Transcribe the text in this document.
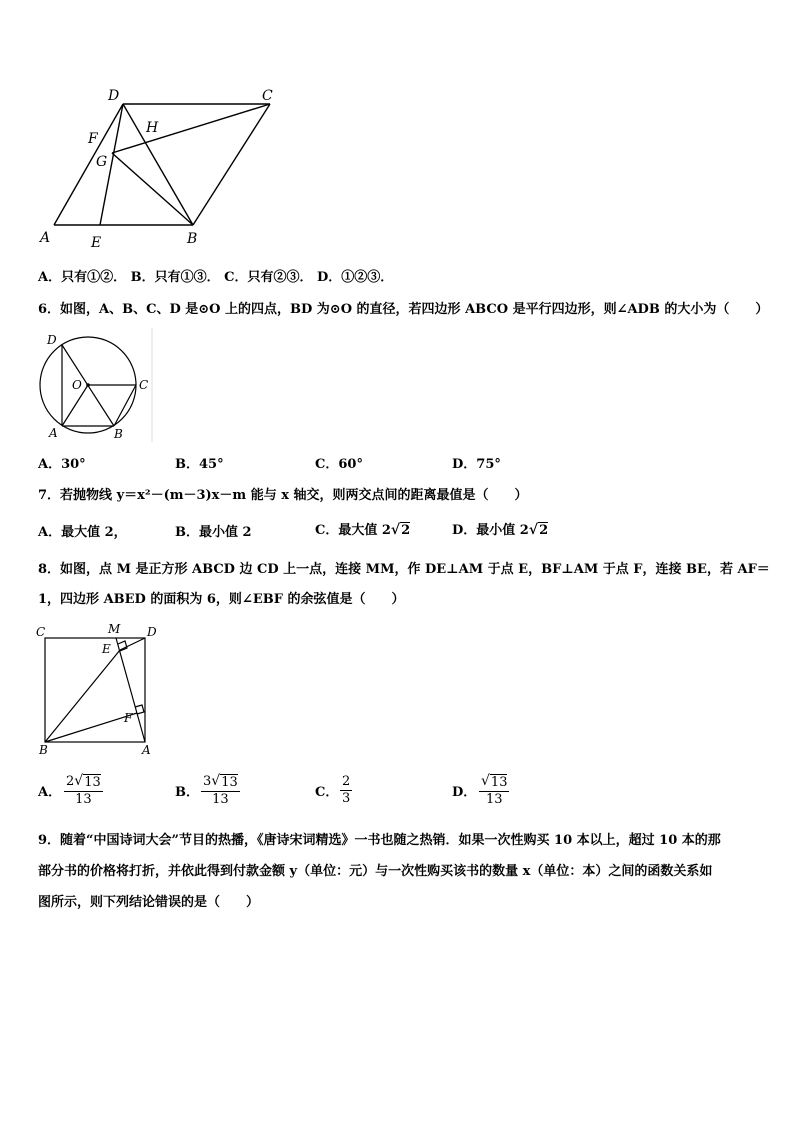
D	C
H
F
G
A	E	B
A．只有①②． B．只有①③． C．只有②③． D．①②③．
6．如图，A、B、C、D 是⊙O 上的四点，BD 为⊙O 的直径，若四边形 ABCO 是平行四边形，则∠ADB 的大小为（　　）
D
O	C
A	B
A．30°	B．45°	C．60°	D．75°
7．若抛物线 y＝x²－(m－3)x－m 能与 x 轴交，则两交点间的距离最值是（　　）
A．最大值 2，	B．最小值 2	C．最大值 2√2	D．最小值 2√2
8．如图，点 M 是正方形 ABCD 边 CD 上一点，连接 MM，作 DE⊥AM 于点 E，BF⊥AM 于点 F，连接 BE，若 AF＝
1，四边形 ABED 的面积为 6，则∠EBF 的余弦值是（　　）
C	M D
E
F
B	A
A． $\frac{2 √ 13}{13}$	B． $\frac{3 √ 13}{13}$	C． $\frac{2}{3}$	D． $\frac{√ 13}{13}$
9．随着“中国诗词大会”节目的热播，《唐诗宋词精选》一书也随之热销．如果一次性购买 10 本以上，超过 10 本的那
部分书的价格将打折，并依此得到付款金额 y（单位：元）与一次性购买该书的数量 x（单位：本）之间的函数关系如
图所示，则下列结论错误的是（　　）
